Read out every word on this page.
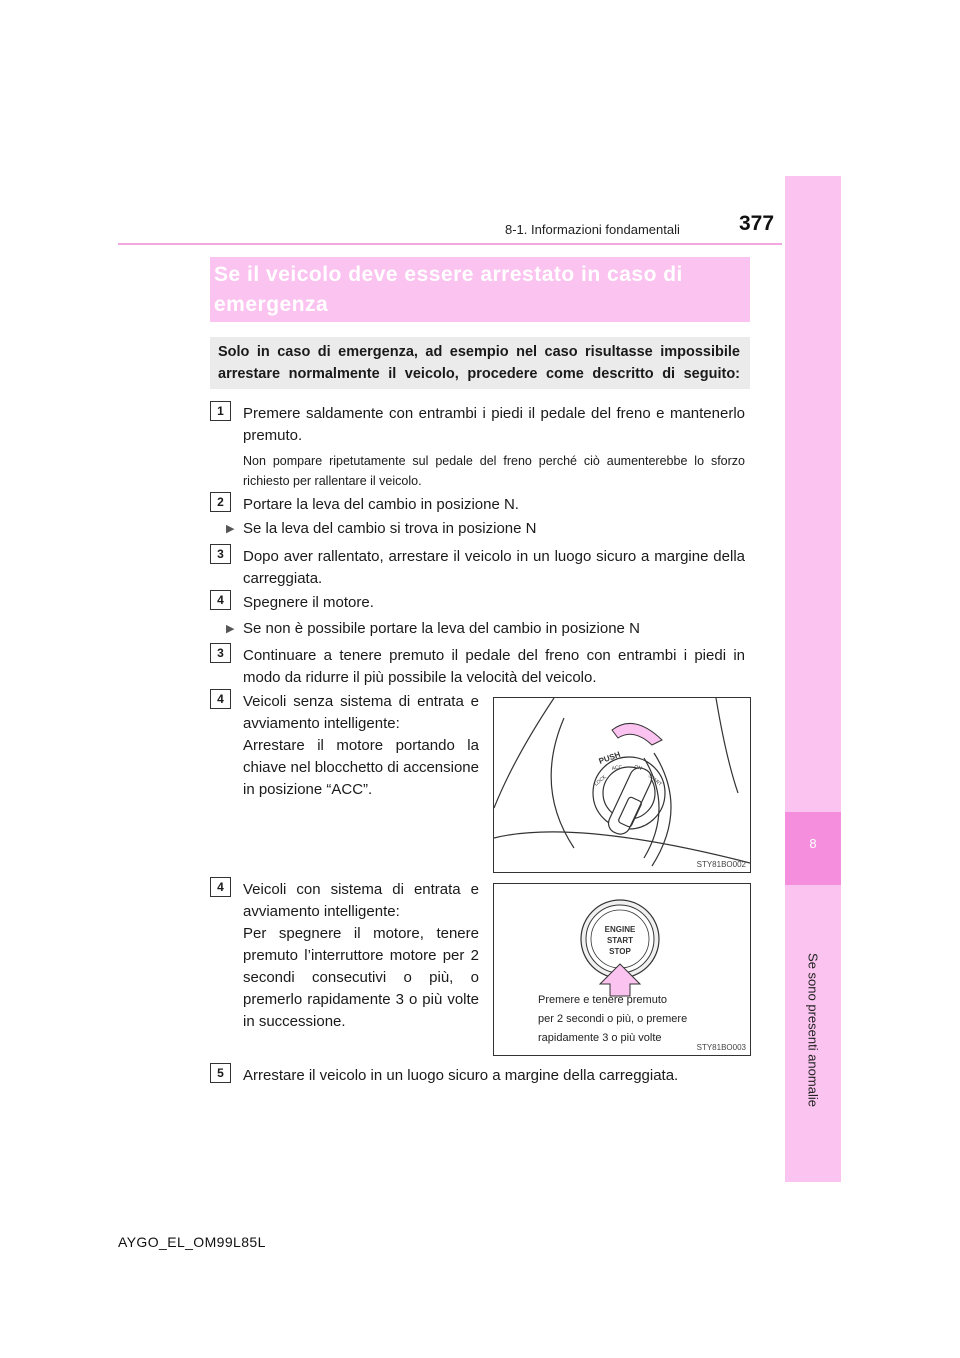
8-1. Informazioni fondamentali	377
8
Se sono presenti anomalie
Se il veicolo deve essere arrestato in caso di emergenza
Solo in caso di emergenza, ad esempio nel caso risultasse impossibile arrestare normalmente il veicolo, procedere come descritto di seguito:
1	Premere saldamente con entrambi i piedi il pedale del freno e mantenerlo premuto.
Non pompare ripetutamente sul pedale del freno perché ciò aumenterebbe lo sforzo richiesto per rallentare il veicolo.
2	Portare la leva del cambio in posizione N.
▶ Se la leva del cambio si trova in posizione N
3	Dopo aver rallentato, arrestare il veicolo in un luogo sicuro a margine della carreggiata.
4	Spegnere il motore.
▶ Se non è possibile portare la leva del cambio in posizione N
3	Continuare a tenere premuto il pedale del freno con entrambi i piedi in modo da ridurre il più possibile la velocità del veicolo.
4	Veicoli senza sistema di entrata e avviamento intelligente:
Arrestare il motore portando la chiave nel blocchetto di accensione in posizione “ACC”.
PUSH
LOCK
ACC ON
START
STY81BO002
4	Veicoli con sistema di entrata e avviamento intelligente:
Per spegnere il motore, tenere premuto l’interruttore motore per 2 secondi consecutivi o più, o premerlo rapidamente 3 o più volte in successione.
ENGINE
START
STOP
Premere e tenere premuto
per 2 secondi o più, o premere
rapidamente 3 o più volte
STY81BO003
5	Arrestare il veicolo in un luogo sicuro a margine della carreggiata.
AYGO_EL_OM99L85L
